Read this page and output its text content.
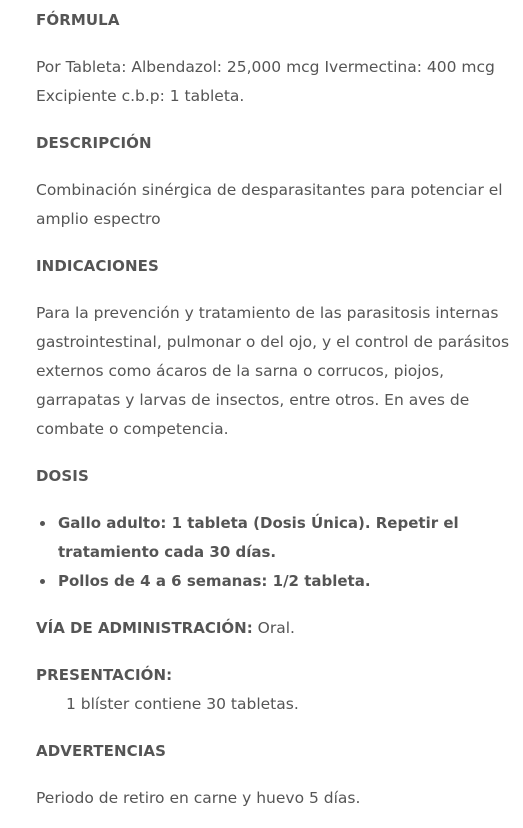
FÓRMULA

Por Tableta: Albendazol: 25,000 mcg Ivermectina: 400 mcg

Excipiente c.b.p: 1 tableta.

DESCRIPCIÓN

Combinación sinérgica de desparasitantes para potenciar el amplio espectro

INDICACIONES

Para la prevención y tratamiento de las parasitosis internas gastrointestinal, pulmonar o del ojo, y el control de parásitos externos como ácaros de la sarna o corrucos, piojos, garrapatas y larvas de insectos, entre otros. En aves de combate o competencia.

DOSIS
Gallo adulto: 1 tableta (Dosis Única). Repetir el tratamiento cada 30 días.
Pollos de 4 a 6 semanas: 1/2 tableta.

VÍA DE ADMINISTRACIÓN: Oral.

PRESENTACIÓN:

1 blíster contiene 30 tabletas.

ADVERTENCIAS

Periodo de retiro en carne y huevo 5 días.
